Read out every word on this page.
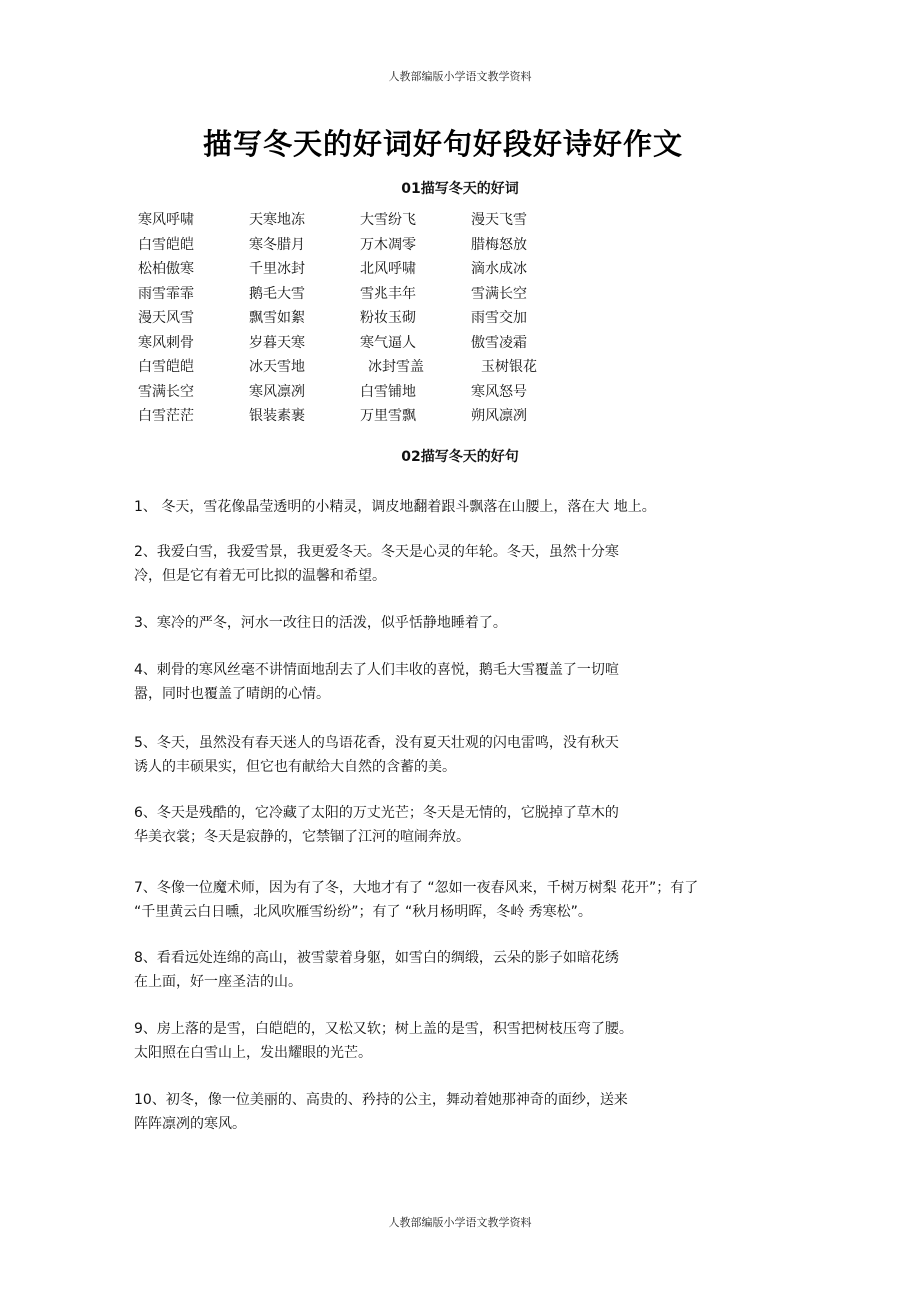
人教部编版小学语文教学资料
描写冬天的好词好句好段好诗好作文
01描写冬天的好词
寒风呼啸	天寒地冻	大雪纷飞	漫天飞雪
白雪皑皑	寒冬腊月	万木凋零	腊梅怒放
松柏傲寒	千里冰封	北风呼啸	滴水成冰
雨雪霏霏	鹅毛大雪	雪兆丰年	雪满长空
漫天风雪	飘雪如絮	粉妆玉砌	雨雪交加
寒风刺骨	岁暮天寒	寒气逼人	傲雪凌霜
白雪皑皑	冰天雪地	冰封雪盖	玉树银花
雪满长空	寒风凛冽	白雪铺地	寒风怒号
白雪茫茫	银装素裹	万里雪飘	朔风凛冽
02描写冬天的好句
1、 冬天，雪花像晶莹透明的小精灵，调皮地翻着跟斗飘落在山腰上，落在大 地上。
2、我爱白雪，我爱雪景，我更爱冬天。冬天是心灵的年轮。冬天，虽然十分寒
冷，但是它有着无可比拟的温馨和希望。
3、寒冷的严冬，河水一改往日的活泼，似乎恬静地睡着了。
4、刺骨的寒风丝毫不讲情面地刮去了人们丰收的喜悦，鹅毛大雪覆盖了一切喧
嚣，同时也覆盖了晴朗的心情。
5、冬天，虽然没有春天迷人的鸟语花香，没有夏天壮观的闪电雷鸣，没有秋天
诱人的丰硕果实，但它也有献给大自然的含蓄的美。
6、冬天是残酷的，它冷藏了太阳的万丈光芒；冬天是无情的，它脱掉了草木的
华美衣裳；冬天是寂静的，它禁锢了江河的喧闹奔放。
7、冬像一位魔术师，因为有了冬，大地才有了 “忽如一夜春风来，千树万树梨 花开”；有了
“千里黄云白日曛，北风吹雁雪纷纷”；有了 “秋月杨明晖，冬岭 秀寒松”。
8、看看远处连绵的高山，被雪蒙着身躯，如雪白的绸缎，云朵的影子如暗花绣
在上面，好一座圣洁的山。
9、房上落的是雪，白皑皑的，又松又软；树上盖的是雪，积雪把树枝压弯了腰。
太阳照在白雪山上，发出耀眼的光芒。
10、初冬，像一位美丽的、高贵的、矜持的公主，舞动着她那神奇的面纱，送来
阵阵凛冽的寒风。
人教部编版小学语文教学资料
